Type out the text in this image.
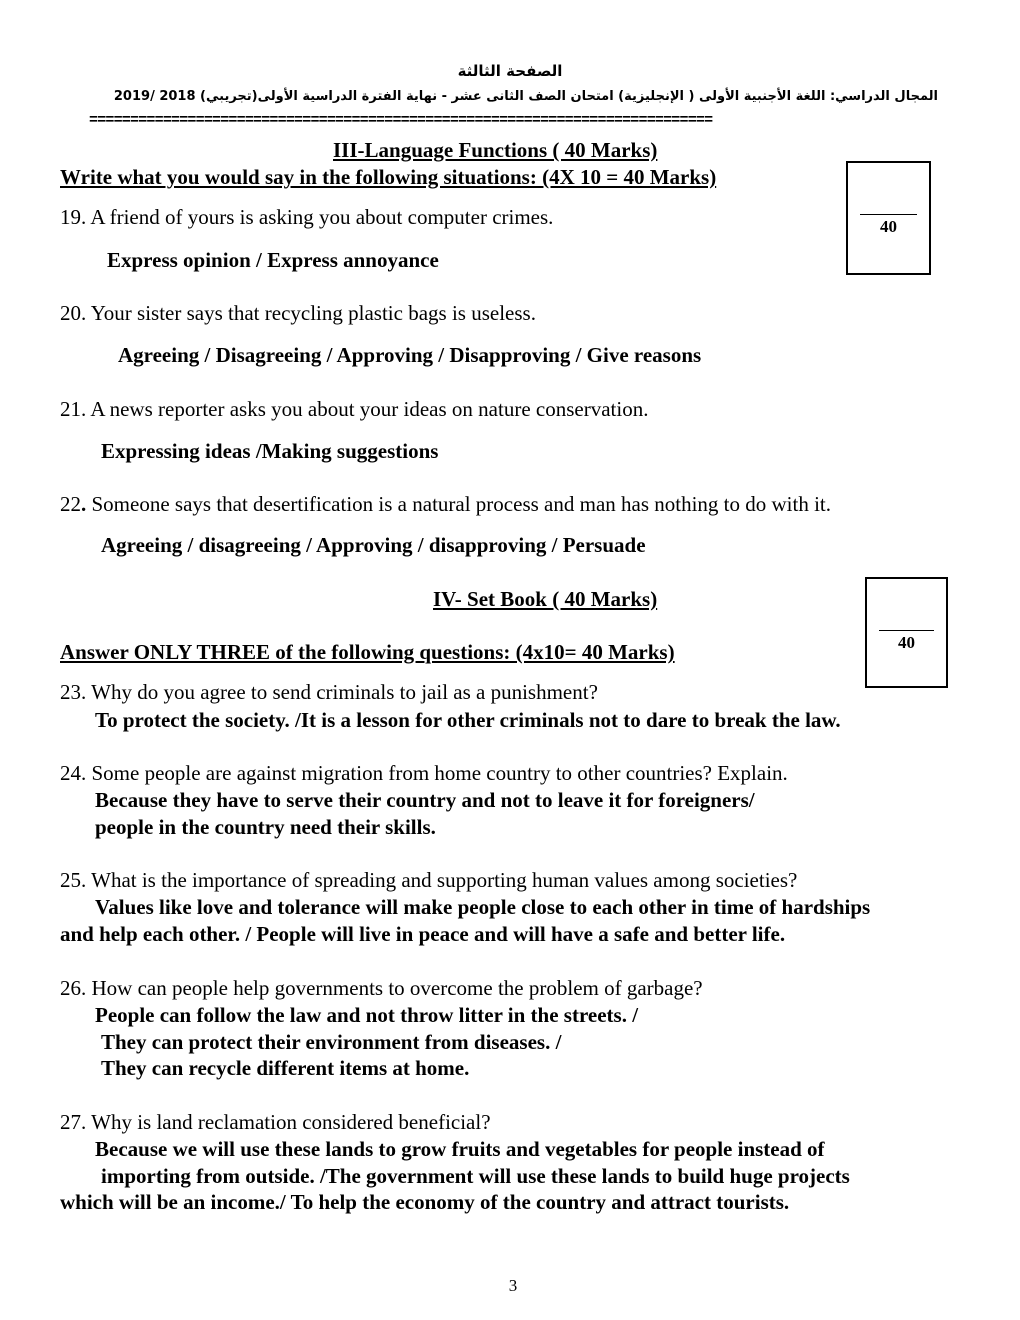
الصفحة الثالثة
المجال الدراسي: اللغة الأجنبية الأولى ( الإنجليزية) امتحان الصف الثانى عشر - نهاية الفترة الدراسية الأولى(تجريبي) 2018 /2019
============================================================================
III-Language Functions ( 40 Marks)
Write what you would say in the following situations: (4X 10 = 40 Marks)
40
19. A friend of yours is asking you about computer crimes.
Express opinion / Express annoyance
20. Your sister says that recycling plastic bags is useless.
Agreeing / Disagreeing / Approving / Disapproving / Give reasons
21. A news reporter asks you about your ideas on nature conservation.
Expressing ideas /Making suggestions
22. Someone says that desertification is a natural process and man has nothing to do with it.
Agreeing / disagreeing / Approving / disapproving / Persuade
IV- Set Book ( 40 Marks)
40
Answer ONLY THREE of the following questions: (4x10= 40 Marks)
23. Why do you agree to send criminals to jail as a punishment?
To protect the society. /It is a lesson for other criminals not to dare to break the law.
24. Some people are against migration from home country to other countries? Explain.
Because they have to serve their country and not to leave it for foreigners/
people in the country need their skills.
25. What is the importance of spreading and supporting human values among societies?
Values like love and tolerance will make people close to each other in time of hardships
and help each other. / People will live in peace and will have a safe and better life.
26. How can people help governments to overcome the problem of garbage?
People can follow the law and not throw litter in the streets. /
They can protect their environment from diseases. /
They can recycle different items at home.
27. Why is land reclamation considered beneficial?
Because we will use these lands to grow fruits and vegetables for people instead of
importing from outside. /The government will use these lands to build huge projects
which will be an income./ To help the economy of the country and attract tourists.
3
